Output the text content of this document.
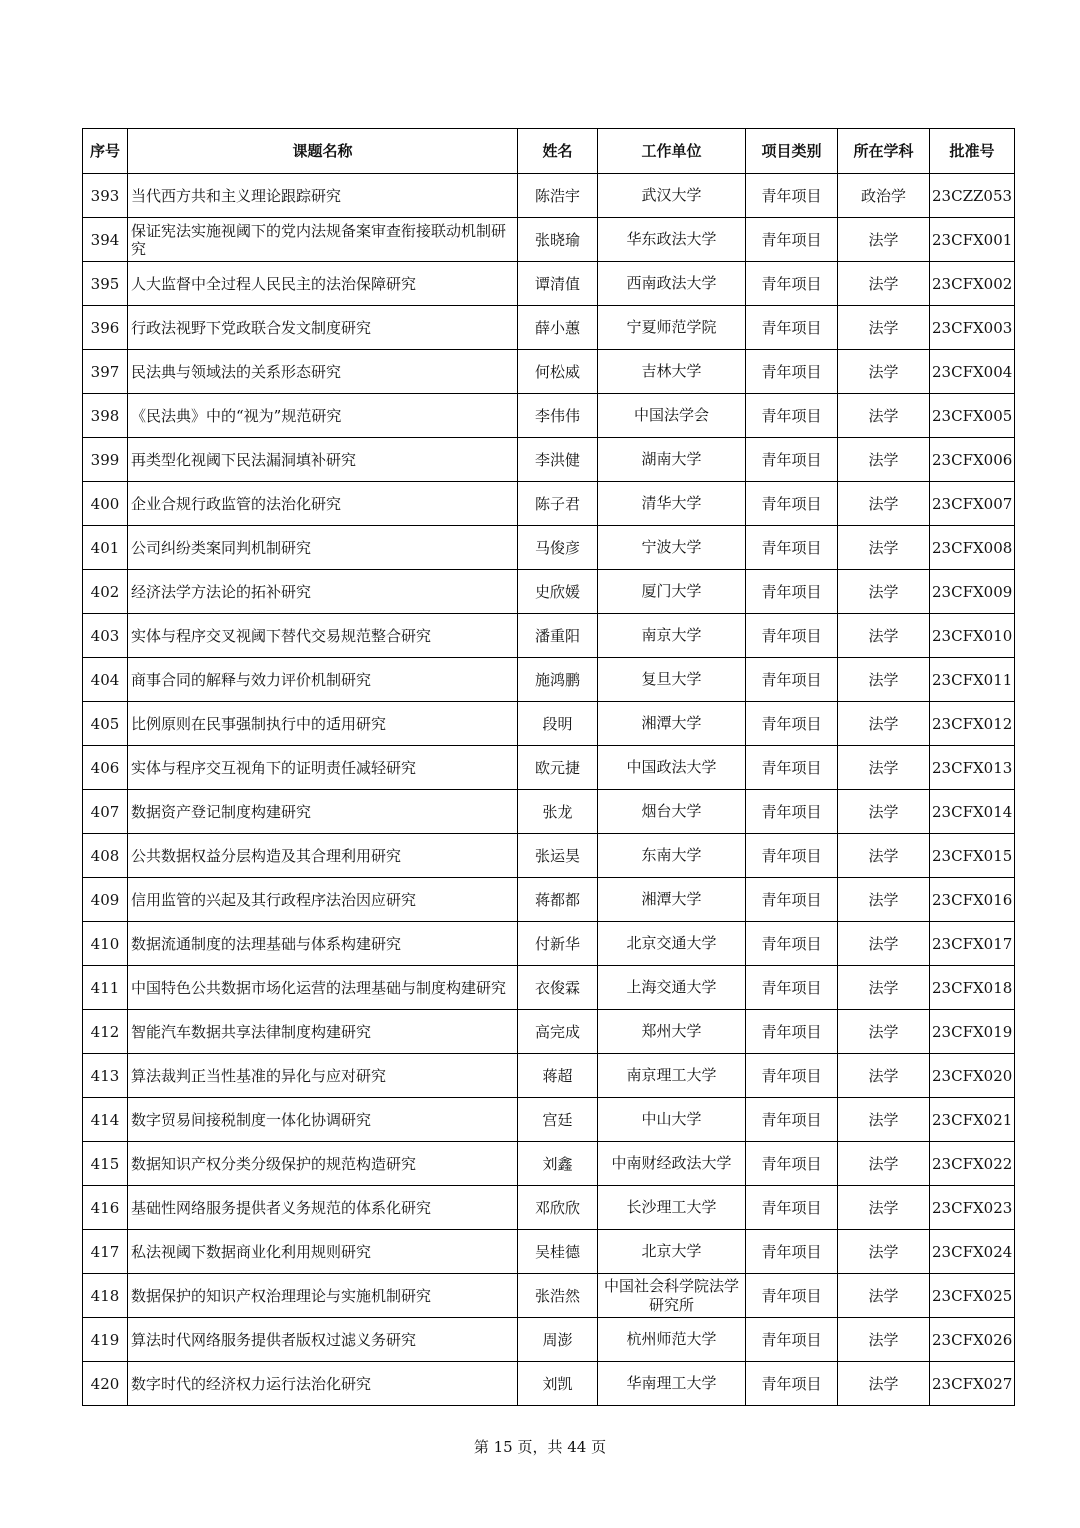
序号	课题名称	姓名	工作单位	项目类别	所在学科	批准号
393	当代西方共和主义理论跟踪研究	陈浩宇	武汉大学	青年项目	政治学	23CZZ053
394	保证宪法实施视阈下的党内法规备案审查衔接联动机制研究	张晓瑜	华东政法大学	青年项目	法学	23CFX001
395	人大监督中全过程人民民主的法治保障研究	谭清值	西南政法大学	青年项目	法学	23CFX002
396	行政法视野下党政联合发文制度研究	薛小蕙	宁夏师范学院	青年项目	法学	23CFX003
397	民法典与领域法的关系形态研究	何松威	吉林大学	青年项目	法学	23CFX004
398	《民法典》中的“视为”规范研究	李伟伟	中国法学会	青年项目	法学	23CFX005
399	再类型化视阈下民法漏洞填补研究	李洪健	湖南大学	青年项目	法学	23CFX006
400	企业合规行政监管的法治化研究	陈子君	清华大学	青年项目	法学	23CFX007
401	公司纠纷类案同判机制研究	马俊彦	宁波大学	青年项目	法学	23CFX008
402	经济法学方法论的拓补研究	史欣媛	厦门大学	青年项目	法学	23CFX009
403	实体与程序交叉视阈下替代交易规范整合研究	潘重阳	南京大学	青年项目	法学	23CFX010
404	商事合同的解释与效力评价机制研究	施鸿鹏	复旦大学	青年项目	法学	23CFX011
405	比例原则在民事强制执行中的适用研究	段明	湘潭大学	青年项目	法学	23CFX012
406	实体与程序交互视角下的证明责任减轻研究	欧元捷	中国政法大学	青年项目	法学	23CFX013
407	数据资产登记制度构建研究	张龙	烟台大学	青年项目	法学	23CFX014
408	公共数据权益分层构造及其合理利用研究	张运昊	东南大学	青年项目	法学	23CFX015
409	信用监管的兴起及其行政程序法治因应研究	蒋都都	湘潭大学	青年项目	法学	23CFX016
410	数据流通制度的法理基础与体系构建研究	付新华	北京交通大学	青年项目	法学	23CFX017
411	中国特色公共数据市场化运营的法理基础与制度构建研究	衣俊霖	上海交通大学	青年项目	法学	23CFX018
412	智能汽车数据共享法律制度构建研究	高完成	郑州大学	青年项目	法学	23CFX019
413	算法裁判正当性基准的异化与应对研究	蒋超	南京理工大学	青年项目	法学	23CFX020
414	数字贸易间接税制度一体化协调研究	宫廷	中山大学	青年项目	法学	23CFX021
415	数据知识产权分类分级保护的规范构造研究	刘鑫	中南财经政法大学	青年项目	法学	23CFX022
416	基础性网络服务提供者义务规范的体系化研究	邓欣欣	长沙理工大学	青年项目	法学	23CFX023
417	私法视阈下数据商业化利用规则研究	吴桂德	北京大学	青年项目	法学	23CFX024
418	数据保护的知识产权治理理论与实施机制研究	张浩然	中国社会科学院法学研究所	青年项目	法学	23CFX025
419	算法时代网络服务提供者版权过滤义务研究	周澎	杭州师范大学	青年项目	法学	23CFX026
420	数字时代的经济权力运行法治化研究	刘凯	华南理工大学	青年项目	法学	23CFX027
第 15 页，共 44 页
